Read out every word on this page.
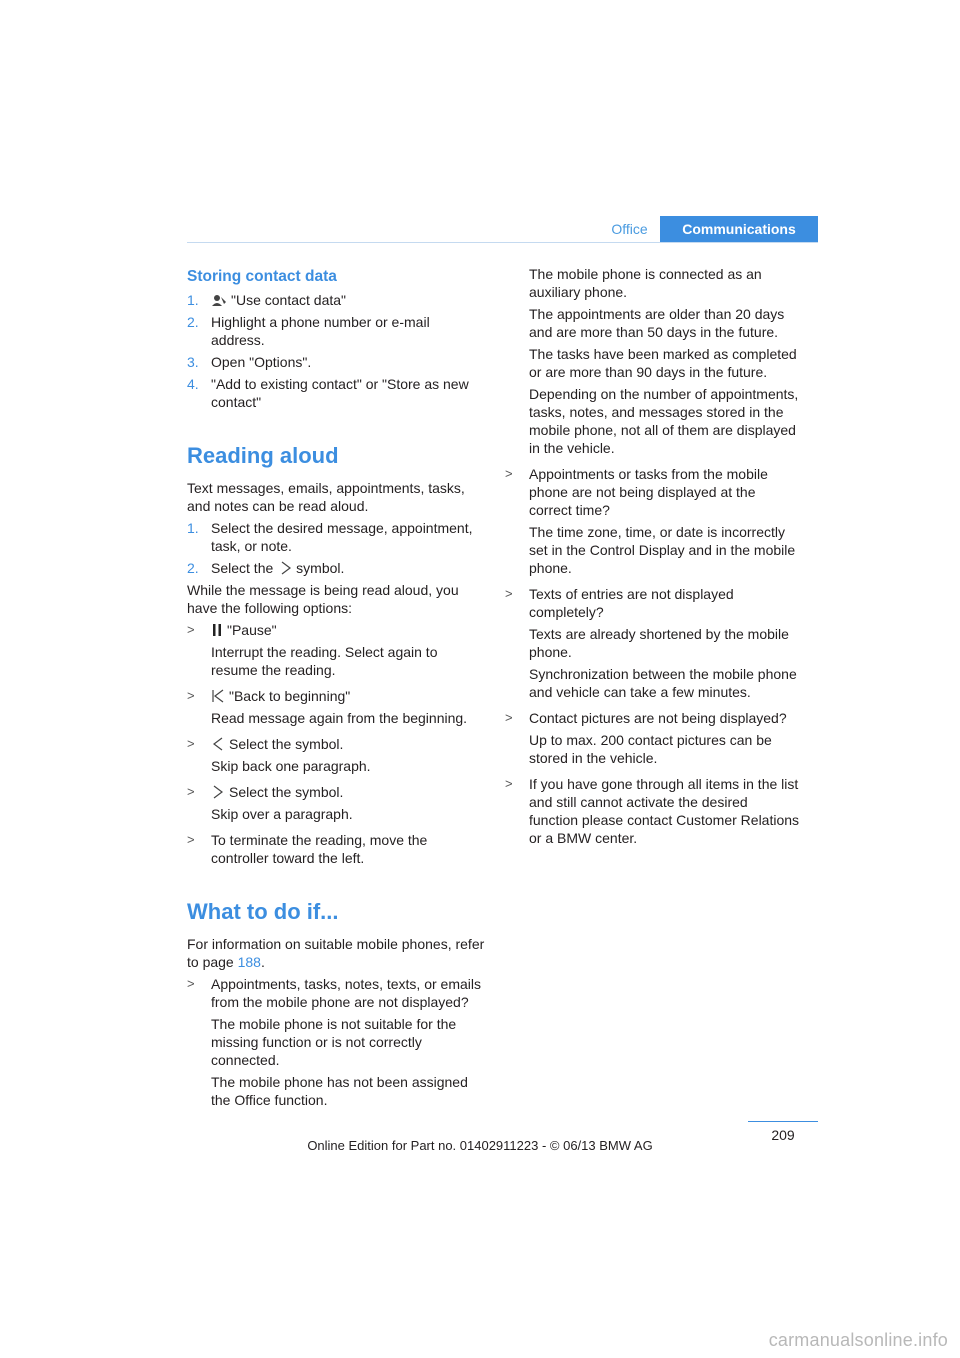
Office	Communications
Storing contact data
1.	"Use contact data"
2. Highlight a phone number or e-mail address.
3. Open "Options".
4. "Add to existing contact" or "Store as new contact"
Reading aloud

Text messages, emails, appointments, tasks, and notes can be read aloud.

1. Select the desired message, appointment, task, or note.
2. Select the symbol.

While the message is being read aloud, you have the following options:

>	"Pause"

Interrupt the reading. Select again to resume the reading.

>	"Back to beginning"

Read message again from the beginning.

>	Select the symbol.

Skip back one paragraph.

>	Select the symbol.

Skip over a paragraph.

>	To terminate the reading, move the controller toward the left.
What to do if...

For information on suitable mobile phones, refer to page 188.

>	Appointments, tasks, notes, texts, or emails from the mobile phone are not displayed?

The mobile phone is not suitable for the missing function or is not correctly connected.

The mobile phone has not been assigned the Office function.

The mobile phone is connected as an auxiliary phone.

The appointments are older than 20 days and are more than 50 days in the future.

The tasks have been marked as completed or are more than 90 days in the future.

Depending on the number of appointments, tasks, notes, and messages stored in the mobile phone, not all of them are displayed in the vehicle.

>	Appointments or tasks from the mobile phone are not being displayed at the correct time?

The time zone, time, or date is incorrectly set in the Control Display and in the mobile phone.

>	Texts of entries are not displayed completely?

Texts are already shortened by the mobile phone.

Synchronization between the mobile phone and vehicle can take a few minutes.

>	Contact pictures are not being displayed?

Up to max. 200 contact pictures can be stored in the vehicle.

>	If you have gone through all items in the list and still cannot activate the desired function please contact Customer Relations or a BMW center.
209
Online Edition for Part no. 01402911223 - © 06/13 BMW AG
carmanualsonline.info
